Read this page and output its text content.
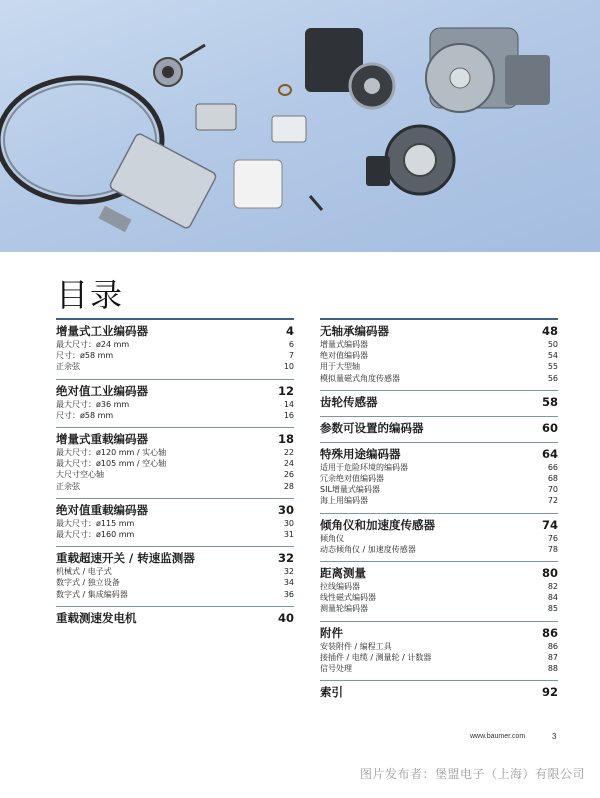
目录
增量式工业编码器	4
最大尺寸：ø24 mm	6
尺寸：ø58 mm	7
正余弦	10
绝对值工业编码器	12
最大尺寸：ø36 mm	14
尺寸：ø58 mm	16
增量式重载编码器	18
最大尺寸：ø120 mm / 实心轴	22
最大尺寸：ø105 mm / 空心轴	24
大尺寸空心轴	26
正余弦	28
绝对值重载编码器	30
最大尺寸：ø115 mm	30
最大尺寸：ø160 mm	31
重载超速开关 / 转速监测器	32
机械式 / 电子式	32
数字式 / 独立设备	34
数字式 / 集成编码器	36
重载测速发电机	40
无轴承编码器	48
增量式编码器	50
绝对值编码器	54
用于大型轴	55
模拟量磁式角度传感器	56
齿轮传感器	58
参数可设置的编码器	60
特殊用途编码器	64
适用于危险环境的编码器	66
冗余绝对值编码器	68
SIL增量式编码器	70
海上用编码器	72
倾角仪和加速度传感器	74
倾角仪	76
动态倾角仪 / 加速度传感器	78
距离测量	80
拉线编码器	82
线性磁式编码器	84
测量轮编码器	85
附件	86
安装附件 / 编程工具	86
接插件 / 电缆 / 测量轮 / 计数器	87
信号处理	88
索引	92
www.baumer.com	3
图片发布者：堡盟电子（上海）有限公司
